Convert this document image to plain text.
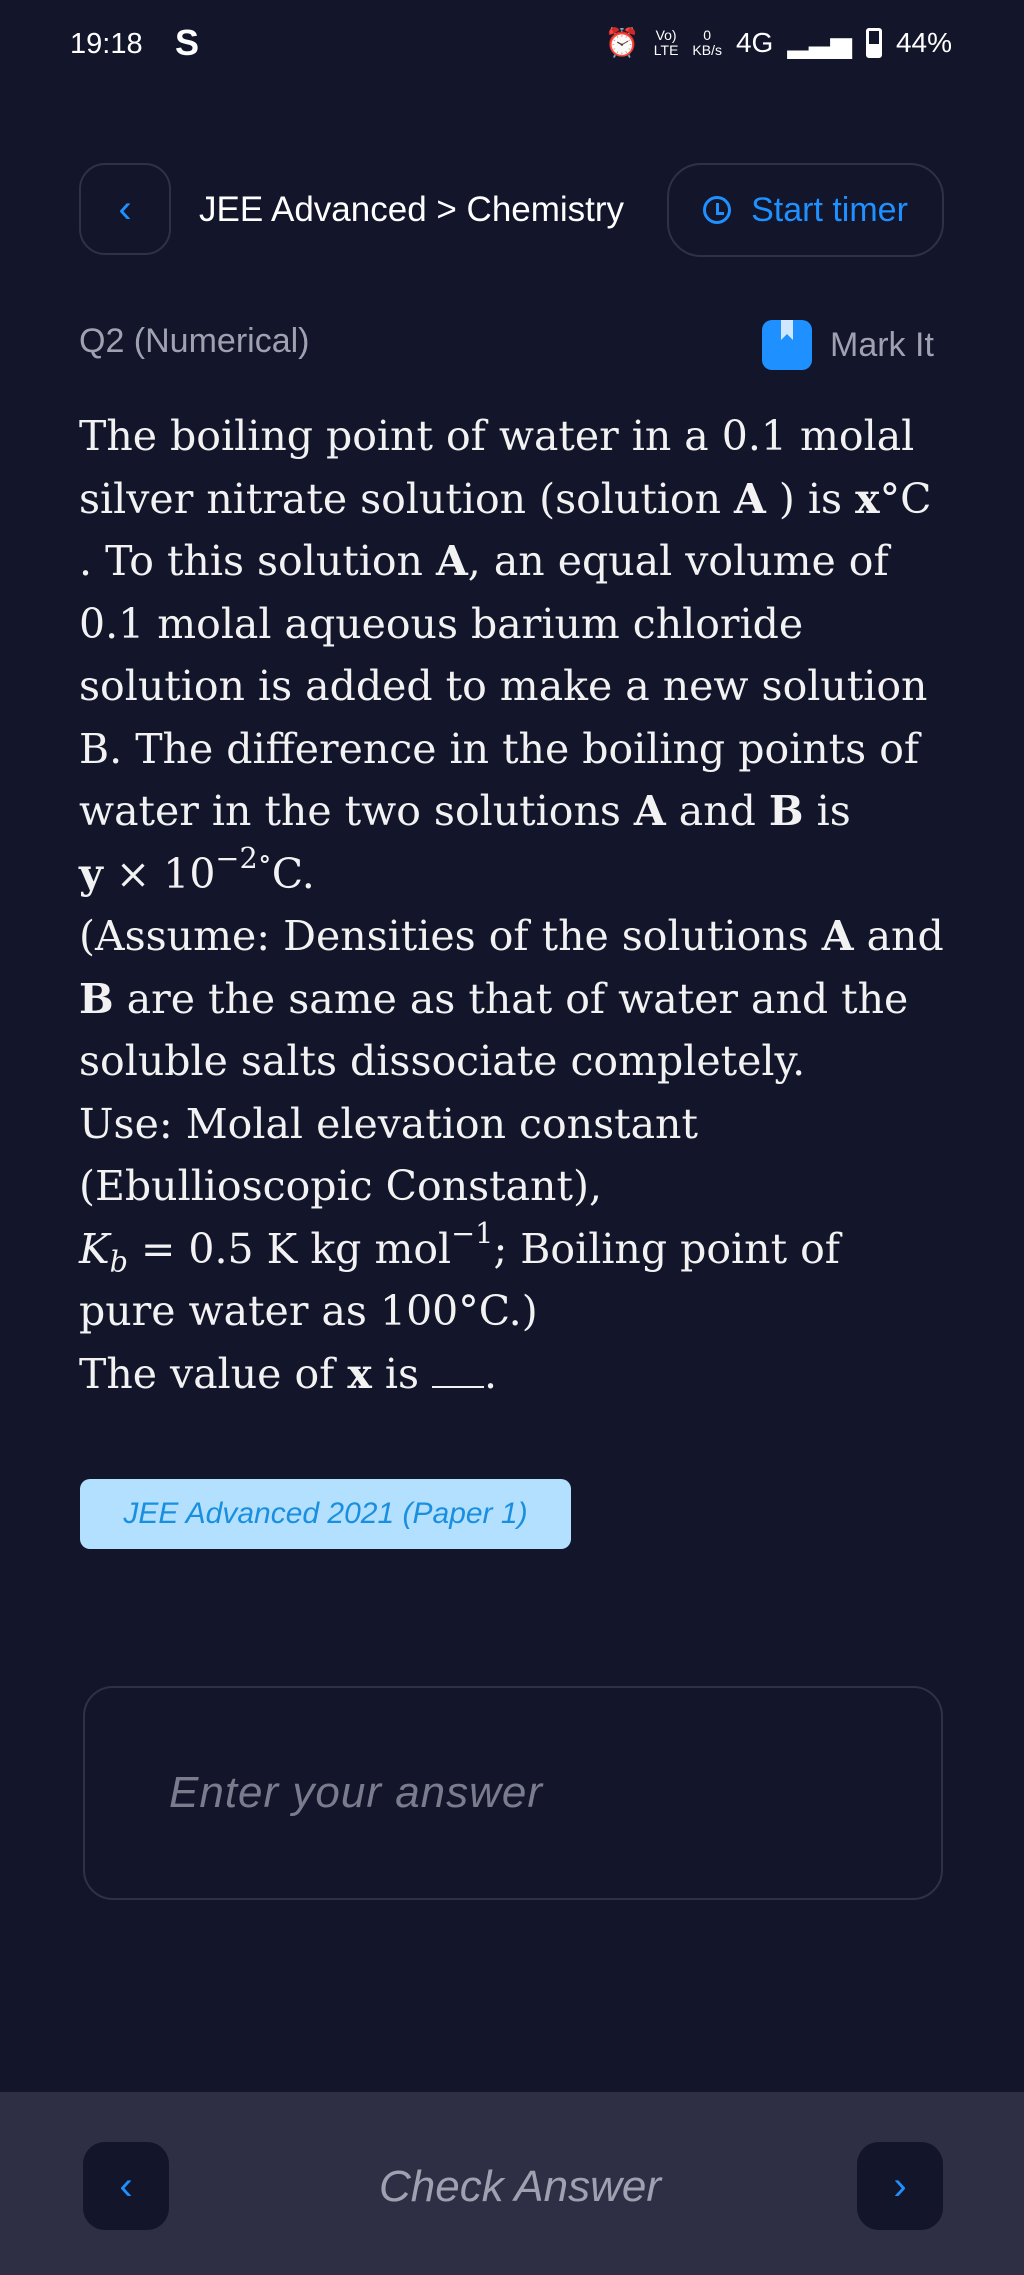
19:18 S	⏰ Vo)
LTE
0
KB/s 4G ▂▃▅ 44%
‹ JEE Advanced > Chemistry	Start timer
Q2 (Numerical)	Mark It
The boiling point of water in a 0.1 molal
silver nitrate solution (solution A ) is x°C
. To this solution A, an equal volume of
0.1 molal aqueous barium chloride
solution is added to make a new solution
B. The difference in the boiling points of
water in the two solutions A and B is
$y \times 10^{-2\circ}C$.
(Assume: Densities of the solutions A and
B are the same as that of water and the
soluble salts dissociate completely.
Use: Molal elevation constant
(Ebullioscopic Constant),
$K_b = 0.5$ K kg mol$^{-1}$; Boiling point of
pure water as 100°C.)
The value of x is .
JEE Advanced 2021 (Paper 1)
Enter your answer
‹	Check Answer	›
